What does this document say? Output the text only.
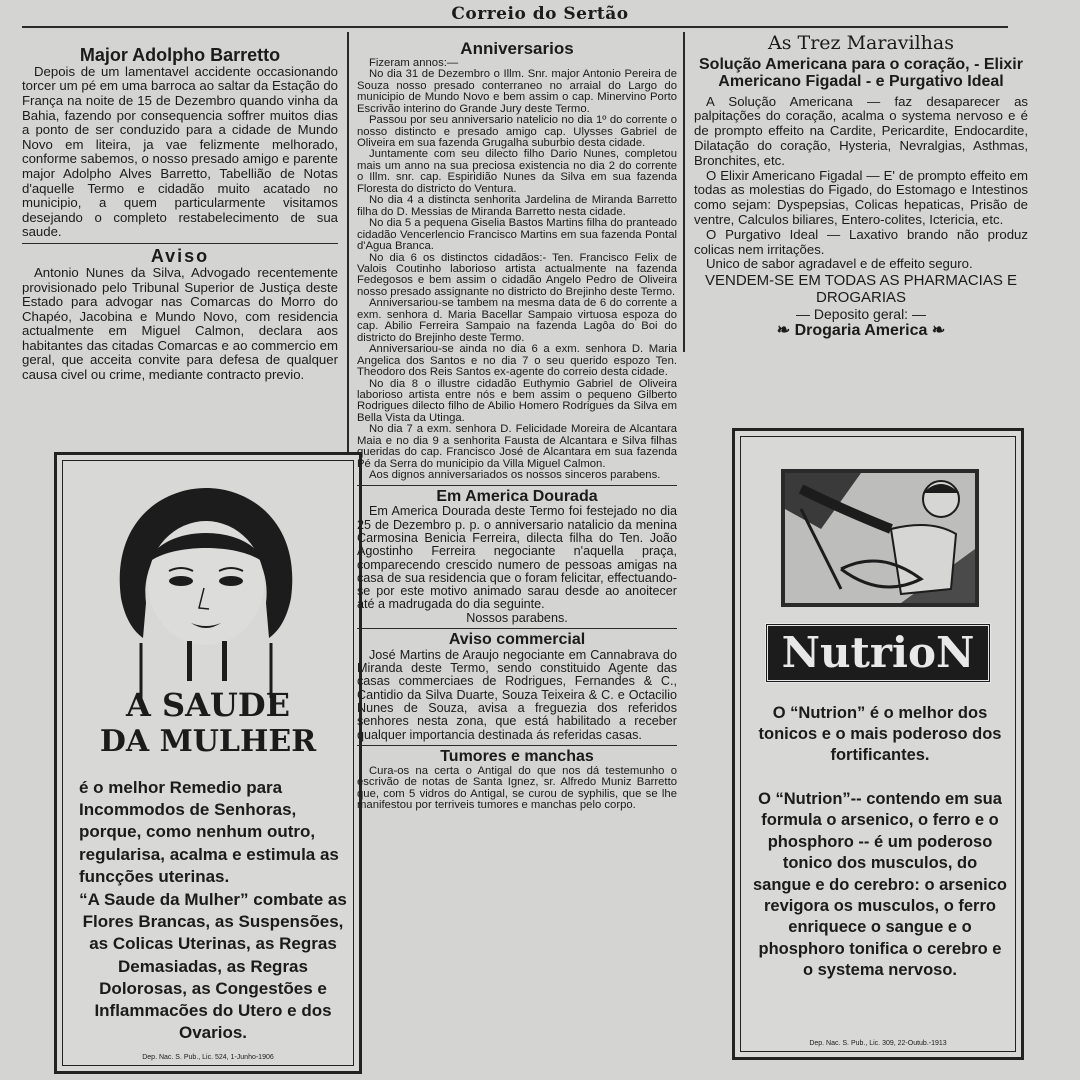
Correio do Sertão
Major Adolpho Barretto

Depois de um lamentavel accidente occasionando torcer um pé em uma barroca ao saltar da Estação do França na noite de 15 de Dezembro quando vinha da Bahia, fazendo por consequencia soffrer muitos dias a ponto de ser conduzido para a cidade de Mundo Novo em liteira, ja vae felizmente melhorado, conforme sabemos, o nosso presado amigo e parente major Adolpho Alves Barretto, Tabellião de Notas d'aquelle Termo e cidadão muito acatado no municipio, a quem particularmente visitamos desejando o completo restabelecimento de sua saude.

Aviso

Antonio Nunes da Silva, Advogado recentemente provisionado pelo Tribunal Superior de Justiça deste Estado para advogar nas Comarcas do Morro do Chapéo, Jacobina e Mundo Novo, com residencia actualmente em Miguel Calmon, declara aos habitantes das citadas Comarcas e ao commercio em geral, que acceita convite para defesa de qualquer causa civel ou crime, mediante contracto previo.

A SAUDE
DA MULHER
é o melhor Remedio para Incommodos de Senhoras, porque, como nenhum outro, regularisa, acalma e estimula as funcções uterinas.
“A Saude da Mulher” combate as Flores Brancas, as Suspensões, as Colicas Uterinas, as Regras Demasiadas, as Regras Dolorosas, as Congestões e Inflammacões do Utero e dos Ovarios.
Dep. Nac. S. Pub., Lic. 524, 1-Junho-1906
Anniversarios

Fizeram annos:—

No dia 31 de Dezembro o Illm. Snr. major Antonio Pereira de Souza nosso presado conterraneo no arraial do Largo do municipio de Mundo Novo e bem assim o cap. Minervino Porto Escrivão interino do Grande Jury deste Termo.

Passou por seu anniversario natelicio no dia 1º do corrente o nosso distincto e presado amigo cap. Ulysses Gabriel de Oliveira em sua fazenda Grugalha suburbio desta cidade.

Juntamente com seu dilecto filho Dario Nunes, completou mais um anno na sua preciosa existencia no dia 2 do corrente o Illm. snr. cap. Espiridião Nunes da Silva em sua fazenda Floresta do districto do Ventura.

No dia 4 a distincta senhorita Jardelina de Miranda Barretto filha do D. Messias de Miranda Barretto nesta cidade.

No dia 5 a pequena Giselia Bastos Martins filha do pranteado cidadão Vencerlencio Francisco Martins em sua fazenda Pontal d'Agua Branca.

No dia 6 os distinctos cidadãos:- Ten. Francisco Felix de Valois Coutinho laborioso artista actualmente na fazenda Fedegosos e bem assim o cidadão Angelo Pedro de Oliveira nosso presado assignante no districto do Brejinho deste Termo.

Anniversariou-se tambem na mesma data de 6 do corrente a exm. senhora d. Maria Bacellar Sampaio virtuosa espoza do cap. Abilio Ferreira Sampaio na fazenda Lagôa do Boi do districto do Brejinho deste Termo.

Anniversariou-se ainda no dia 6 a exm. senhora D. Maria Angelica dos Santos e no dia 7 o seu querido espozo Ten. Theodoro dos Reis Santos ex-agente do correio desta cidade.

No dia 8 o illustre cidadão Euthymio Gabriel de Oliveira laborioso artista entre nós e bem assim o pequeno Gilberto Rodrigues dilecto filho de Abilio Homero Rodrigues da Silva em Bella Vista da Utinga.

No dia 7 a exm. senhora D. Felicidade Moreira de Alcantara Maia e no dia 9 a senhorita Fausta de Alcantara e Silva filhas queridas do cap. Francisco José de Alcantara em sua fazenda Pé da Serra do municipio da Villa Miguel Calmon.

Aos dignos anniversariados os nossos sinceros parabens.

Em America Dourada

Em America Dourada deste Termo foi festejado no dia 25 de Dezembro p. p. o anniversario natalicio da menina Carmosina Benicia Ferreira, dilecta filha do Ten. João Agostinho Ferreira negociante n'aquella praça, comparecendo crescido numero de pessoas amigas na casa de sua residencia que o foram felicitar, effectuando-se por este motivo animado sarau desde ao anoitecer até a madrugada do dia seguinte.

Nossos parabens.

Aviso commercial

José Martins de Araujo negociante em Cannabrava do Miranda deste Termo, sendo constituido Agente das casas commerciaes de Rodrigues, Fernandes & C., Cantidio da Silva Duarte, Souza Teixeira & C. e Octacilio Nunes de Souza, avisa a freguezia dos referidos senhores nesta zona, que está habilitado a receber qualquer importancia destinada ás referidas casas.

Tumores e manchas

Cura-os na certa o Antigal do que nos dá testemunho o escrivão de notas de Santa Ignez, sr. Alfredo Muniz Barretto que, com 5 vidros do Antigal, se curou de syphilis, que se lhe manifestou por terriveis tumores e manchas pelo corpo.

As Trez Maravilhas
Solução Americana para o coração, - Elixir Americano Figadal - e Purgativo Ideal

A Solução Americana — faz desaparecer as palpitações do coração, acalma o systema nervoso e é de prompto effeito na Cardite, Pericardite, Endocardite, Dilatação do coração, Hysteria, Nevralgias, Asthmas, Bronchites, etc.

O Elixir Americano Figadal — E' de prompto effeito em todas as molestias do Figado, do Estomago e Intestinos como sejam: Dyspepsias, Colicas hepaticas, Prisão de ventre, Calculos biliares, Entero-colites, Ictericia, etc.

O Purgativo Ideal — Laxativo brando não produz colicas nem irritações.

Unico de sabor agradavel e de effeito seguro.

VENDEM-SE EM TODAS AS PHARMACIAS E DROGARIAS

— Deposito geral: —

❧ Drogaria America ❧

NutrioN
O “Nutrion” é o melhor dos tonicos e o mais poderoso dos fortificantes.
O “Nutrion”-- contendo em sua formula o arsenico, o ferro e o phosphoro -- é um poderoso tonico dos musculos, do sangue e do cerebro: o arsenico revigora os musculos, o ferro enriquece o sangue e o phosphoro tonifica o cerebro e o systema nervoso.
Dep. Nac. S. Pub., Lic. 309, 22-Outub.-1913
